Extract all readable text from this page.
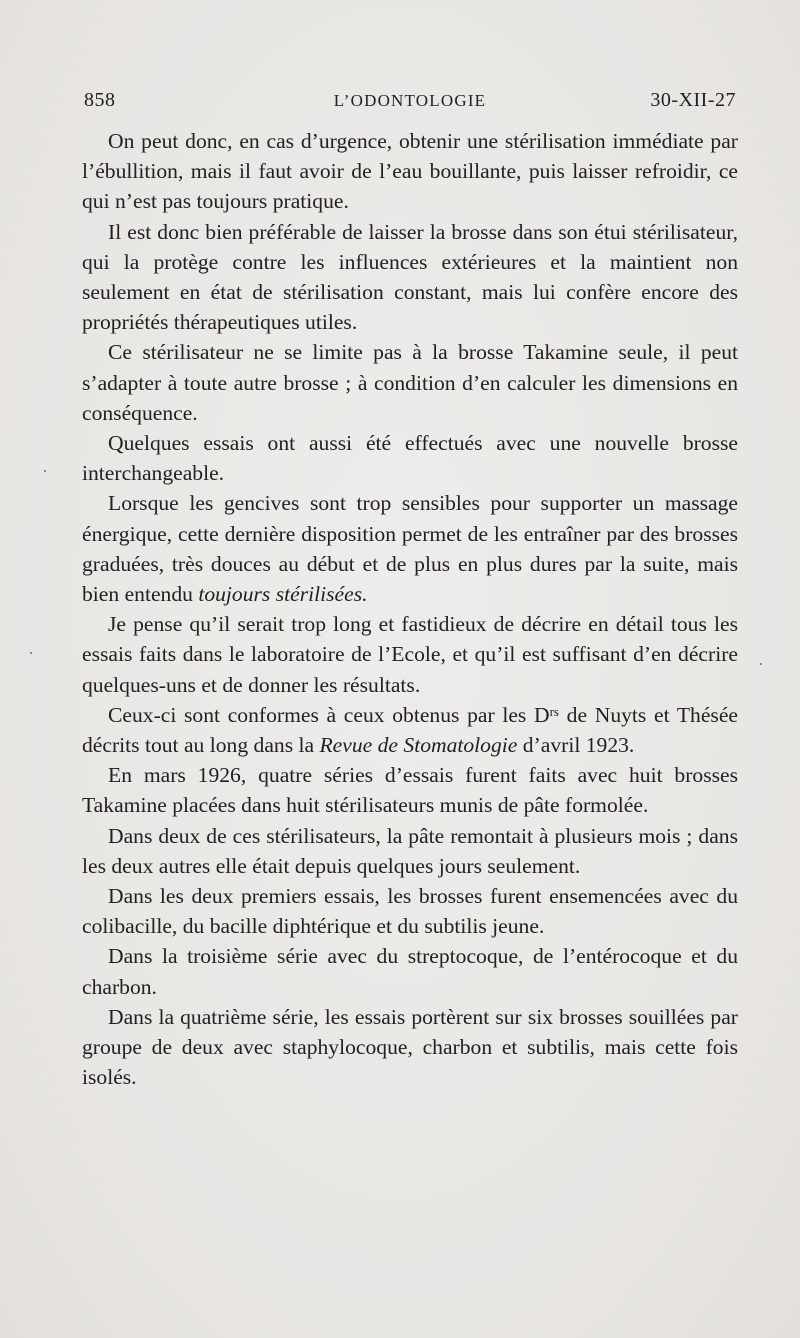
858	L’ODONTOLOGIE	30-XII-27

On peut donc, en cas d’urgence, obtenir une stérilisation immédiate par l’ébullition, mais il faut avoir de l’eau bouillante, puis laisser refroidir, ce qui n’est pas toujours pratique.

Il est donc bien préférable de laisser la brosse dans son étui stérilisateur, qui la protège contre les influences extérieures et la maintient non seulement en état de stérilisation constant, mais lui confère encore des propriétés thérapeutiques utiles.

Ce stérilisateur ne se limite pas à la brosse Takamine seule, il peut s’adapter à toute autre brosse ; à condition d’en calculer les dimensions en conséquence.

Quelques essais ont aussi été effectués avec une nouvelle brosse interchangeable.

Lorsque les gencives sont trop sensibles pour supporter un massage énergique, cette dernière disposition permet de les entraîner par des brosses graduées, très douces au début et de plus en plus dures par la suite, mais bien entendu toujours stérilisées.

Je pense qu’il serait trop long et fastidieux de décrire en détail tous les essais faits dans le laboratoire de l’Ecole, et qu’il est suffisant d’en décrire quelques-uns et de donner les résultats.

Ceux-ci sont conformes à ceux obtenus par les $D^{rs}$ de Nuyts et Thésée décrits tout au long dans la Revue de Stomatologie d’avril 1923.

En mars 1926, quatre séries d’essais furent faits avec huit brosses Takamine placées dans huit stérilisateurs munis de pâte formolée.

Dans deux de ces stérilisateurs, la pâte remontait à plusieurs mois ; dans les deux autres elle était depuis quelques jours seulement.

Dans les deux premiers essais, les brosses furent ensemencées avec du colibacille, du bacille diphtérique et du subtilis jeune.

Dans la troisième série avec du streptocoque, de l’entérocoque et du charbon.

Dans la quatrième série, les essais portèrent sur six brosses souillées par groupe de deux avec staphylocoque, charbon et subtilis, mais cette fois isolés.
